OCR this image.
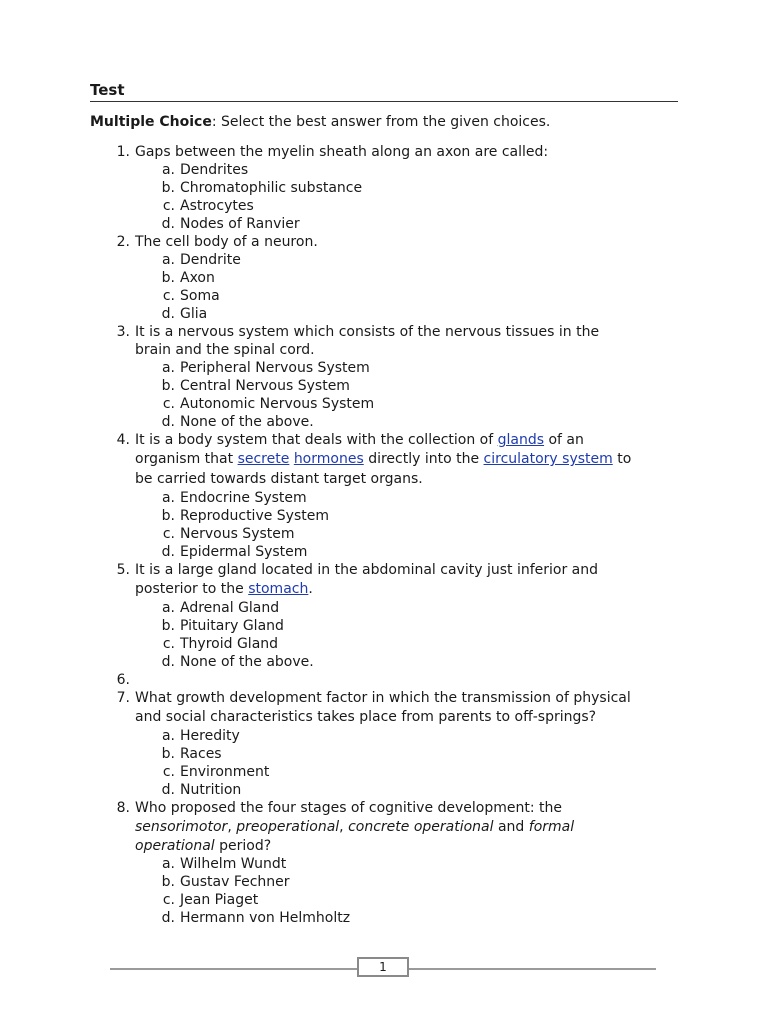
Test
Multiple Choice: Select the best answer from the given choices.
1. Gaps between the myelin sheath along an axon are called:
a. Dendrites
b. Chromatophilic substance
c. Astrocytes
d. Nodes of Ranvier
2. The cell body of a neuron.
a. Dendrite
b. Axon
c. Soma
d. Glia
3. It is a nervous system which consists of the nervous tissues in the
brain and the spinal cord.
a. Peripheral Nervous System
b. Central Nervous System
c. Autonomic Nervous System
d. None of the above.
4. It is a body system that deals with the collection of glands of an
organism that secrete hormones directly into the circulatory system to
be carried towards distant target organs.
a. Endocrine System
b. Reproductive System
c. Nervous System
d. Epidermal System
5. It is a large gland located in the abdominal cavity just inferior and
posterior to the stomach.
a. Adrenal Gland
b. Pituitary Gland
c. Thyroid Gland
d. None of the above.
6.
7. What growth development factor in which the transmission of physical
and social characteristics takes place from parents to off-springs?
a. Heredity
b. Races
c. Environment
d. Nutrition
8. Who proposed the four stages of cognitive development: the
sensorimotor, preoperational, concrete operational and formal
operational period?
a. Wilhelm Wundt
b. Gustav Fechner
c. Jean Piaget
d. Hermann von Helmholtz
1
